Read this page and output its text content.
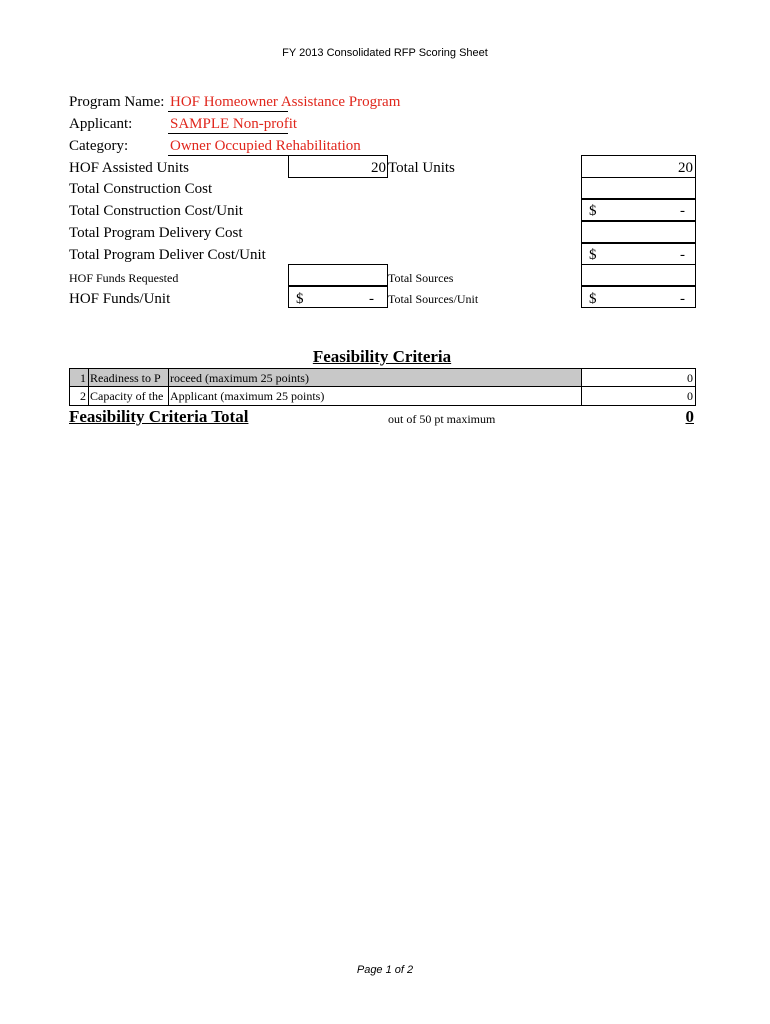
FY 2013 Consolidated RFP Scoring Sheet
Program Name: HOF Homeowner Assistance Program
Applicant:	SAMPLE Non-profit
Category:	Owner Occupied Rehabilitation
HOF Assisted Units	20 Total Units	20
Total Construction Cost
Total Construction Cost/Unit	$	-
Total Program Delivery Cost
Total Program Deliver Cost/Unit	$	-
HOF Funds Requested	Total Sources
HOF Funds/Unit	$	- Total Sources/Unit	$	-
Feasibility Criteria
1 Readiness to P roceed (maximum 25 points)	0
2 Capacity of the Applicant (maximum 25 points)	0
Feasibility Criteria Total	out of 50 pt maximum	0
Page 1 of 2
